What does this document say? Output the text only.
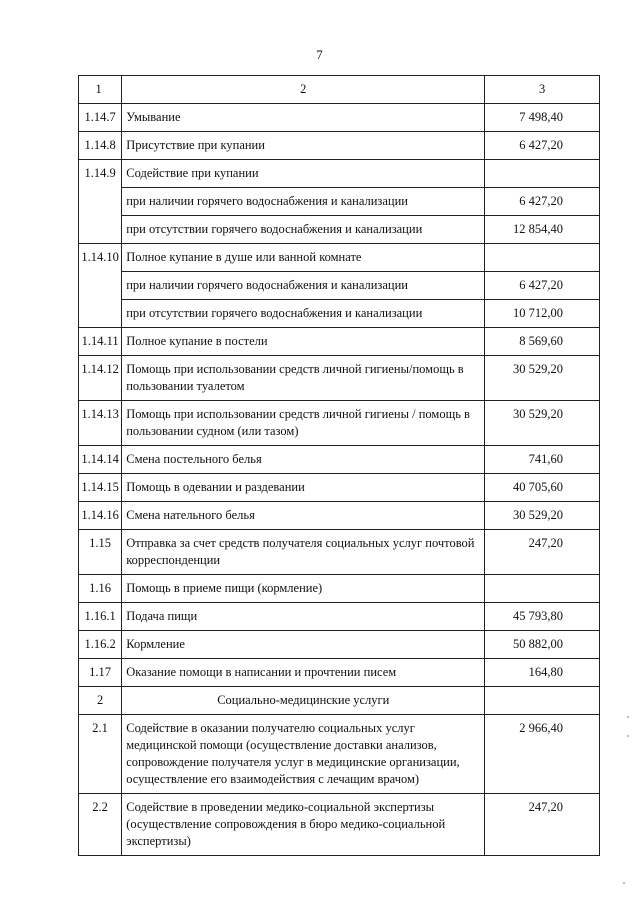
7
1	2	3
1.14.7	Умывание	7 498,40
1.14.8	Присутствие при купании	6 427,20
1.14.9	Содействие при купании	
	при наличии горячего водоснабжения и канализации	6 427,20
	при отсутствии горячего водоснабжения и канализации	12 854,40
1.14.10	Полное купание в душе или ванной комнате	
	при наличии горячего водоснабжения и канализации	6 427,20
	при отсутствии горячего водоснабжения и канализации	10 712,00
1.14.11	Полное купание в постели	8 569,60
1.14.12	Помощь при использовании средств личной гигиены/помощь в пользовании туалетом	30 529,20
1.14.13	Помощь при использовании средств личной гигиены / помощь в пользовании судном (или тазом)	30 529,20
1.14.14	Смена постельного белья	741,60
1.14.15	Помощь в одевании и раздевании	40 705,60
1.14.16	Смена нательного белья	30 529,20
1.15	Отправка за счет средств получателя социальных услуг почтовой корреспонденции	247,20
1.16	Помощь в приеме пищи (кормление)	
1.16.1	Подача пищи	45 793,80
1.16.2	Кормление	50 882,00
1.17	Оказание помощи в написании и прочтении писем	164,80
2	Социально-медицинские услуги	
2.1	Содействие в оказании получателю социальных услуг медицинской помощи (осуществление доставки анализов, сопровождение получателя услуг в медицинские организации, осуществление его взаимодействия с лечащим врачом)	2 966,40
2.2	Содействие в проведении медико-социальной экспертизы (осуществление сопровождения в бюро медико-социальной экспертизы)	247,20
